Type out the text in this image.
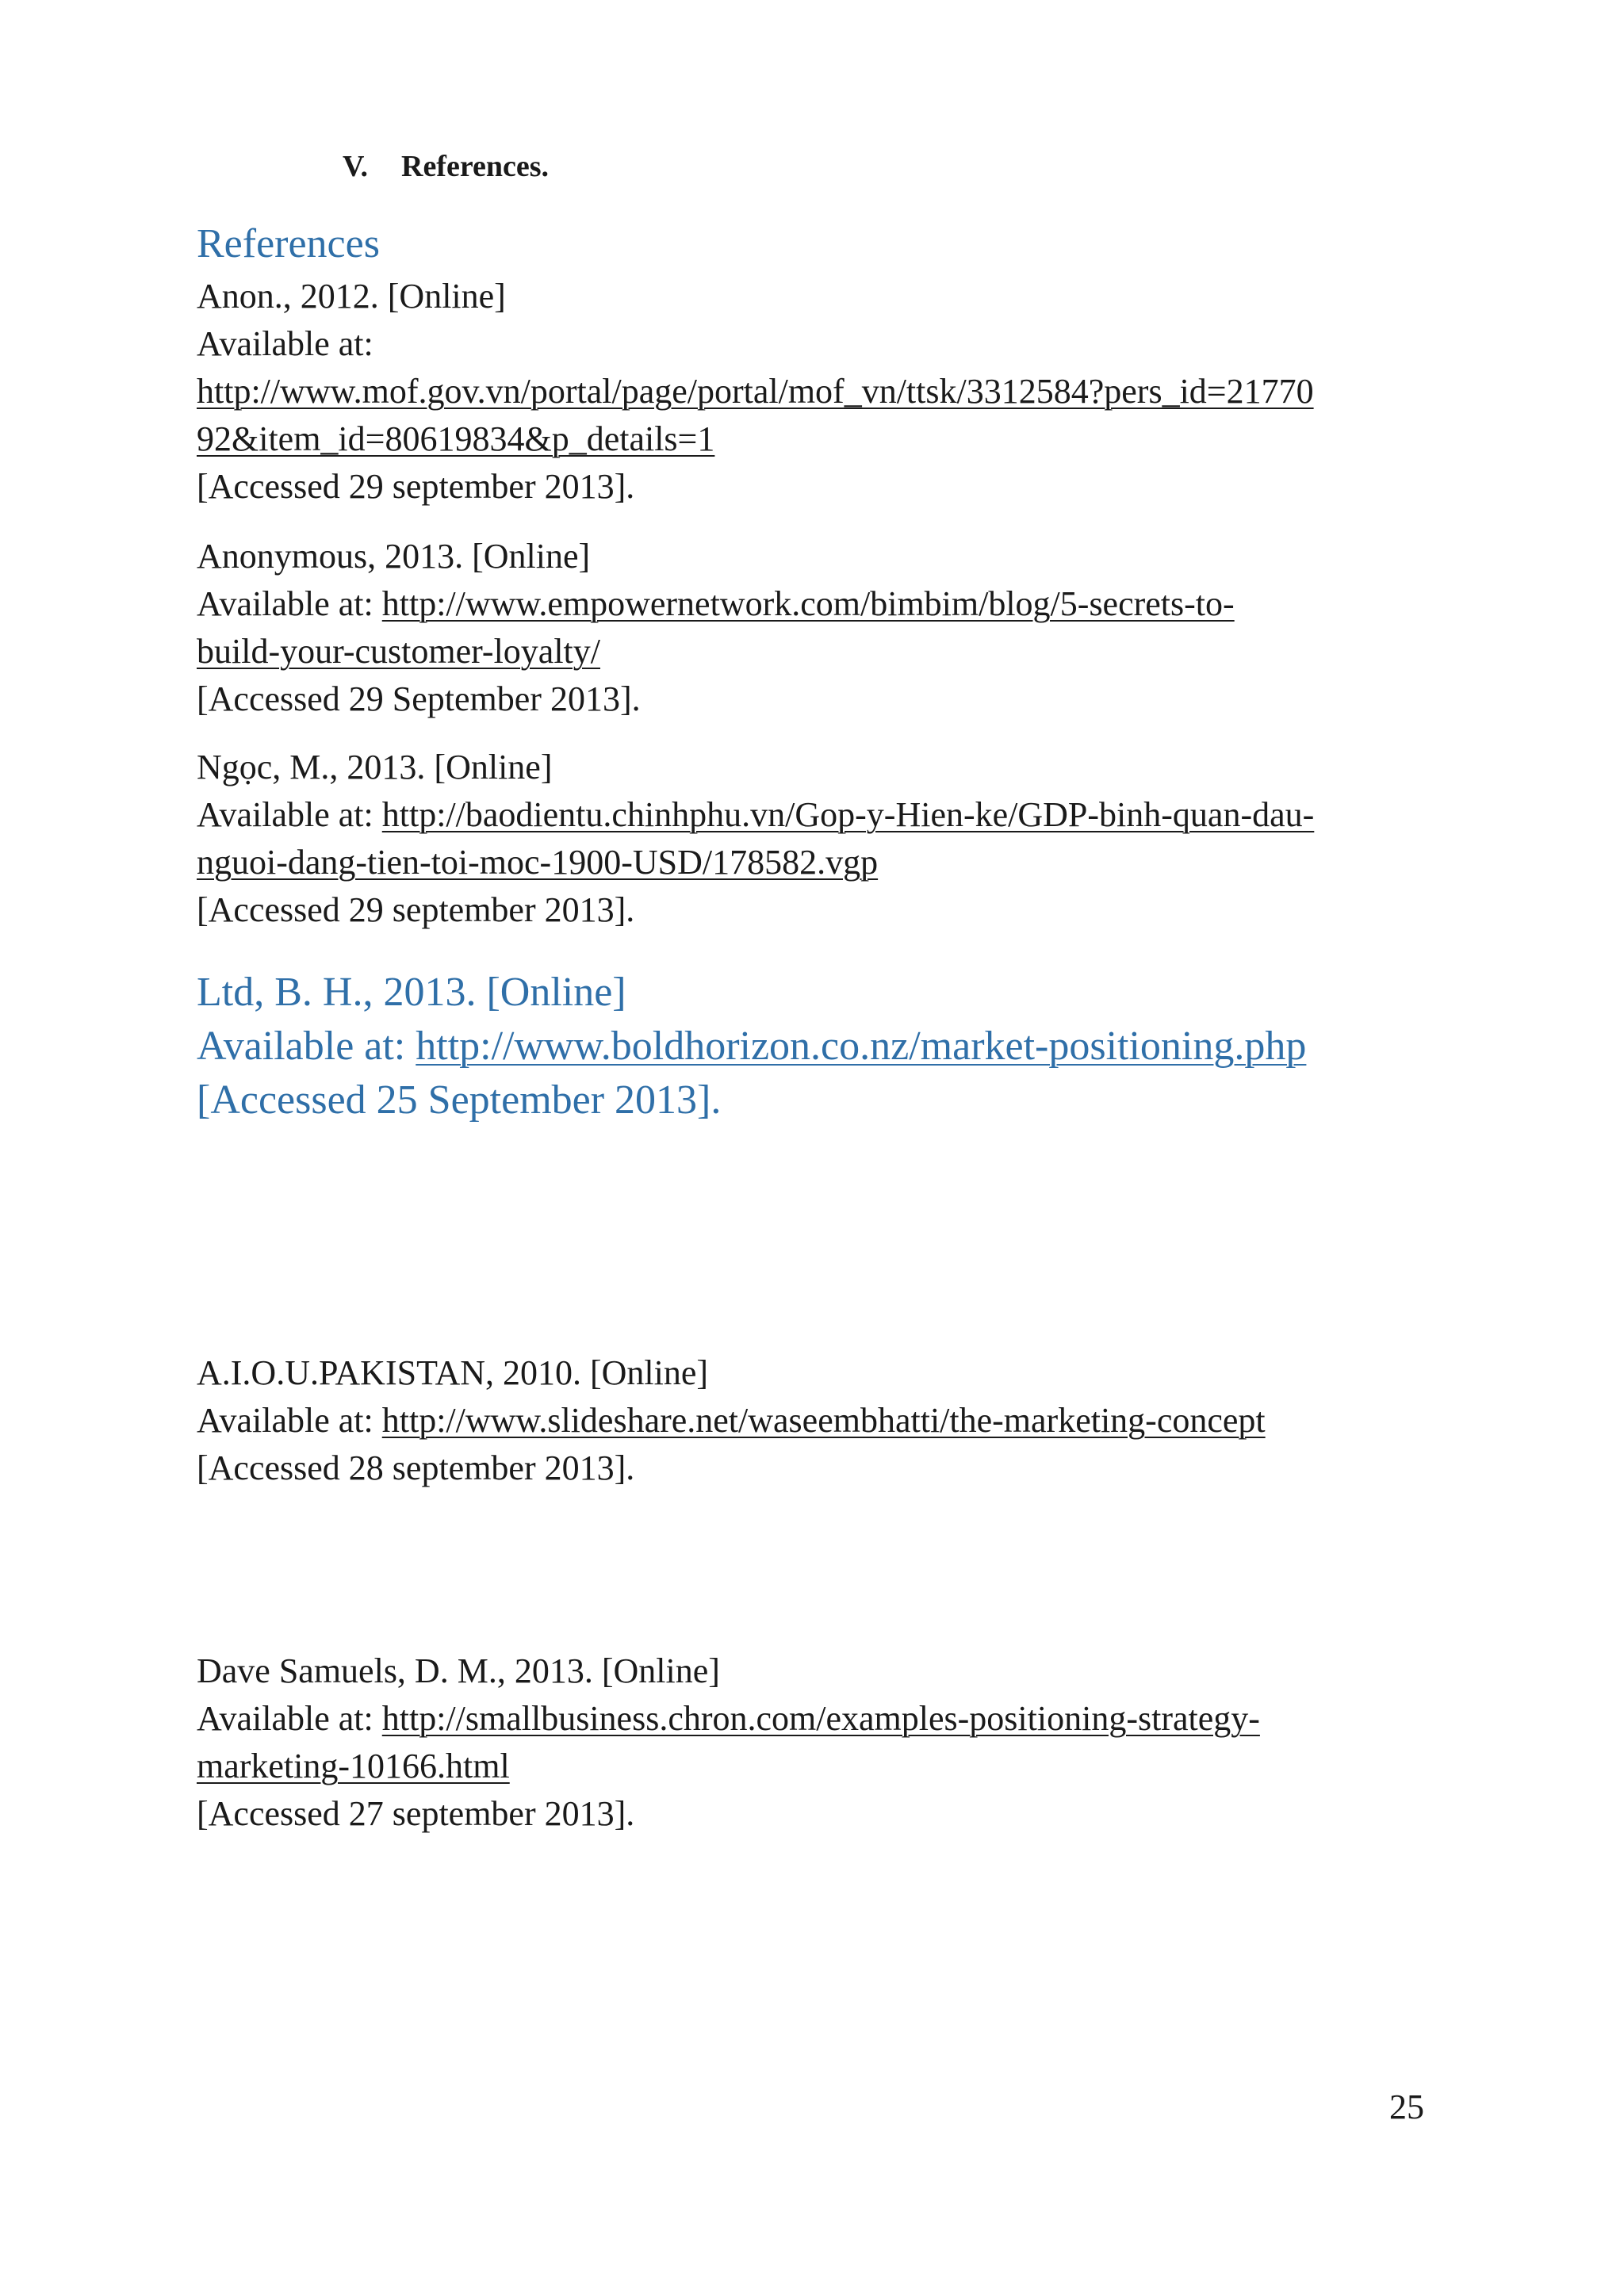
V. References.
References
Anon., 2012. [Online]
Available at:
http://www.mof.gov.vn/portal/page/portal/mof_vn/ttsk/3312584?pers_id=21770
92&item_id=80619834&p_details=1
[Accessed 29 september 2013].
Anonymous, 2013. [Online]
Available at: http://www.empowernetwork.com/bimbim/blog/5-secrets-to-
build-your-customer-loyalty/
[Accessed 29 September 2013].
Ngọc, M., 2013. [Online]
Available at: http://baodientu.chinhphu.vn/Gop-y-Hien-ke/GDP-binh-quan-dau-
nguoi-dang-tien-toi-moc-1900-USD/178582.vgp
[Accessed 29 september 2013].
Ltd, B. H., 2013. [Online]
Available at: http://www.boldhorizon.co.nz/market-positioning.php
[Accessed 25 September 2013].
A.I.O.U.PAKISTAN, 2010. [Online]
Available at: http://www.slideshare.net/waseembhatti/the-marketing-concept
[Accessed 28 september 2013].
Dave Samuels, D. M., 2013. [Online]
Available at: http://smallbusiness.chron.com/examples-positioning-strategy-
marketing-10166.html
[Accessed 27 september 2013].
25
